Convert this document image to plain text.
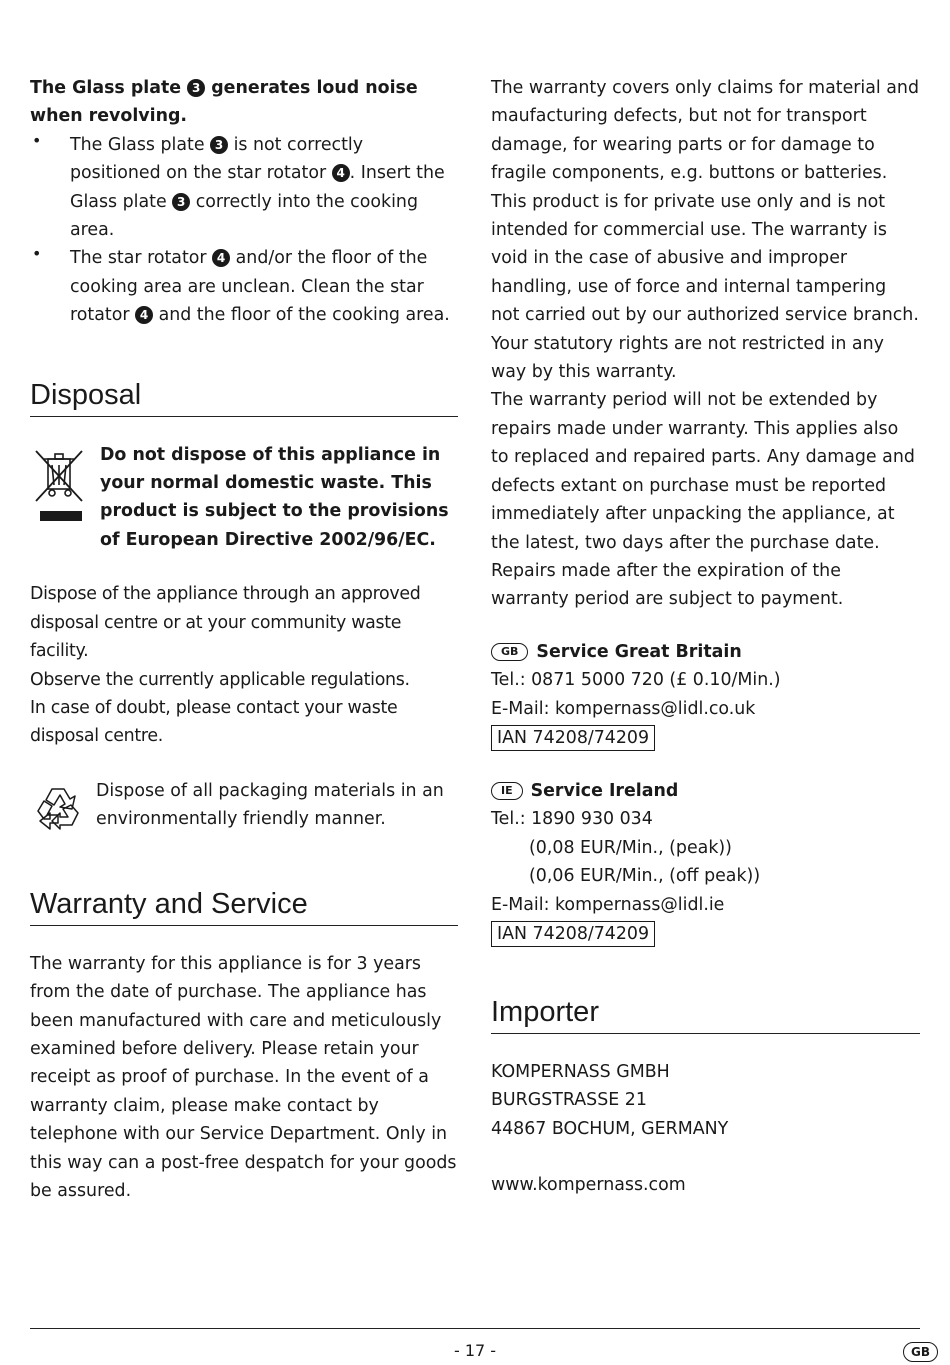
The Glass plate 3 generates loud noise when revolving.

• The Glass plate 3 is not correctly positioned on the star rotator 4 . Insert the Glass plate 3 correctly into the cooking area.

• The star rotator 4 and/or the floor of the cooking area are unclean. Clean the star rotator 4 and the floor of the cooking area.

Disposal

Do not dispose of this appliance in your normal domestic waste. This product is subject to the provisions of European Directive 2002/96/EC.

Dispose of the appliance through an approved disposal centre or at your community waste facility.

Observe the currently applicable regulations.

In case of doubt, please contact your waste disposal centre.

Dispose of all packaging materials in an environmentally friendly manner.

Warranty and Service

The warranty for this appliance is for 3 years from the date of purchase. The appliance has been manufactured with care and meticulously examined before delivery. Please retain your receipt as proof of purchase. In the event of a warranty claim, please make contact by telephone with our Service Department. Only in this way can a post-free despatch for your goods be assured.

The warranty covers only claims for material and maufacturing defects, but not for transport damage, for wearing parts or for damage to fragile components, e.g. buttons or batteries. This product is for private use only and is not intended for commercial use. The warranty is void in the case of abusive and improper handling, use of force and internal tampering not carried out by our authorized service branch. Your statutory rights are not restricted in any way by this warranty.

The warranty period will not be extended by repairs made under warranty. This applies also to replaced and repaired parts. Any damage and defects extant on purchase must be reported immediately after unpacking the appliance, at the latest, two days after the purchase date. Repairs made after the expiration of the warranty period are subject to payment.

GB Service Great Britain

Tel.: 0871 5000 720 (£ 0.10/Min.)

E-Mail: kompernass@lidl.co.uk

IAN 74208/74209

IE Service Ireland

Tel.: 1890 930 034

(0,08 EUR/Min., (peak))

(0,06 EUR/Min., (off peak))

E-Mail: kompernass@lidl.ie

IAN 74208/74209
Importer

KOMPERNASS GMBH

BURGSTRASSE 21

44867 BOCHUM, GERMANY

www.kompernass.com

- 17 -	GB
